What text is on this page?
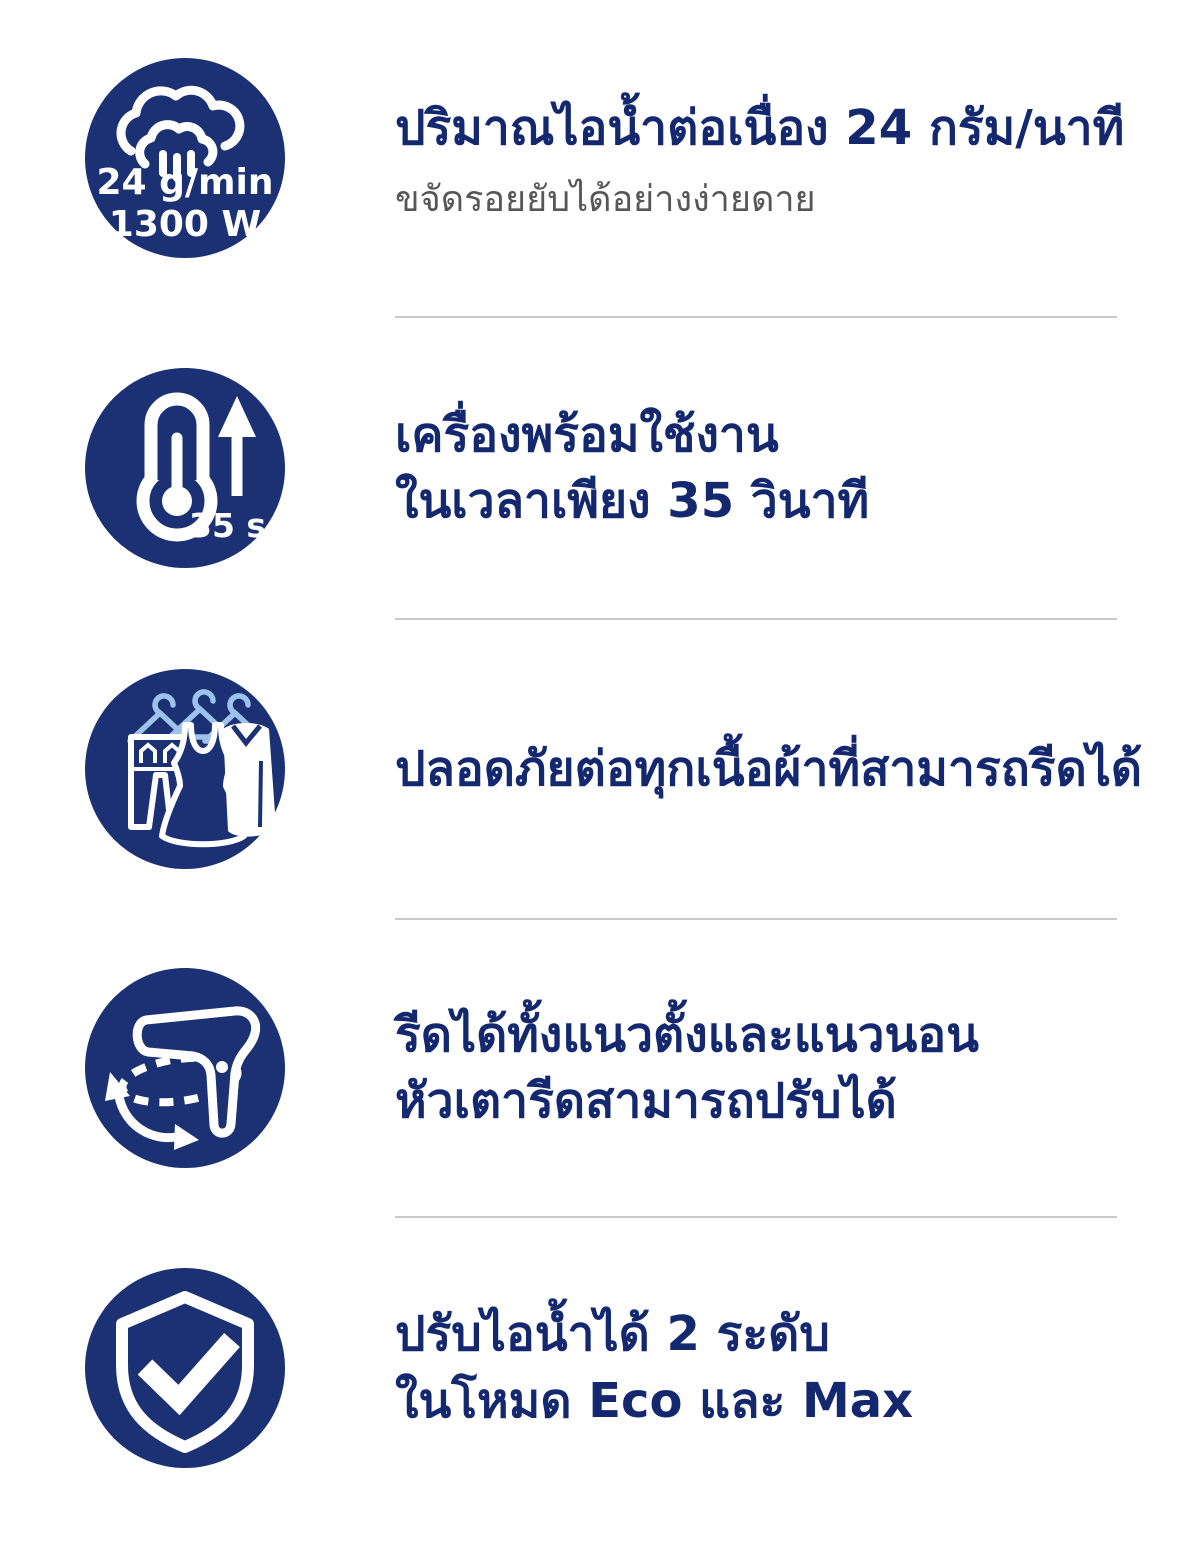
24 g/min
1300 W
ปริมาณไอน้ำต่อเนื่อง 24 กรัม/นาที
ขจัดรอยยับได้อย่างง่ายดาย
35 s
เครื่องพร้อมใช้งาน
ในเวลาเพียง 35 วินาที
ปลอดภัยต่อทุกเนื้อผ้าที่สามารถรีดได้
รีดได้ทั้งแนวตั้งและแนวนอน
หัวเตารีดสามารถปรับได้
ปรับไอน้ำได้ 2 ระดับ
ในโหมด Eco และ Max
